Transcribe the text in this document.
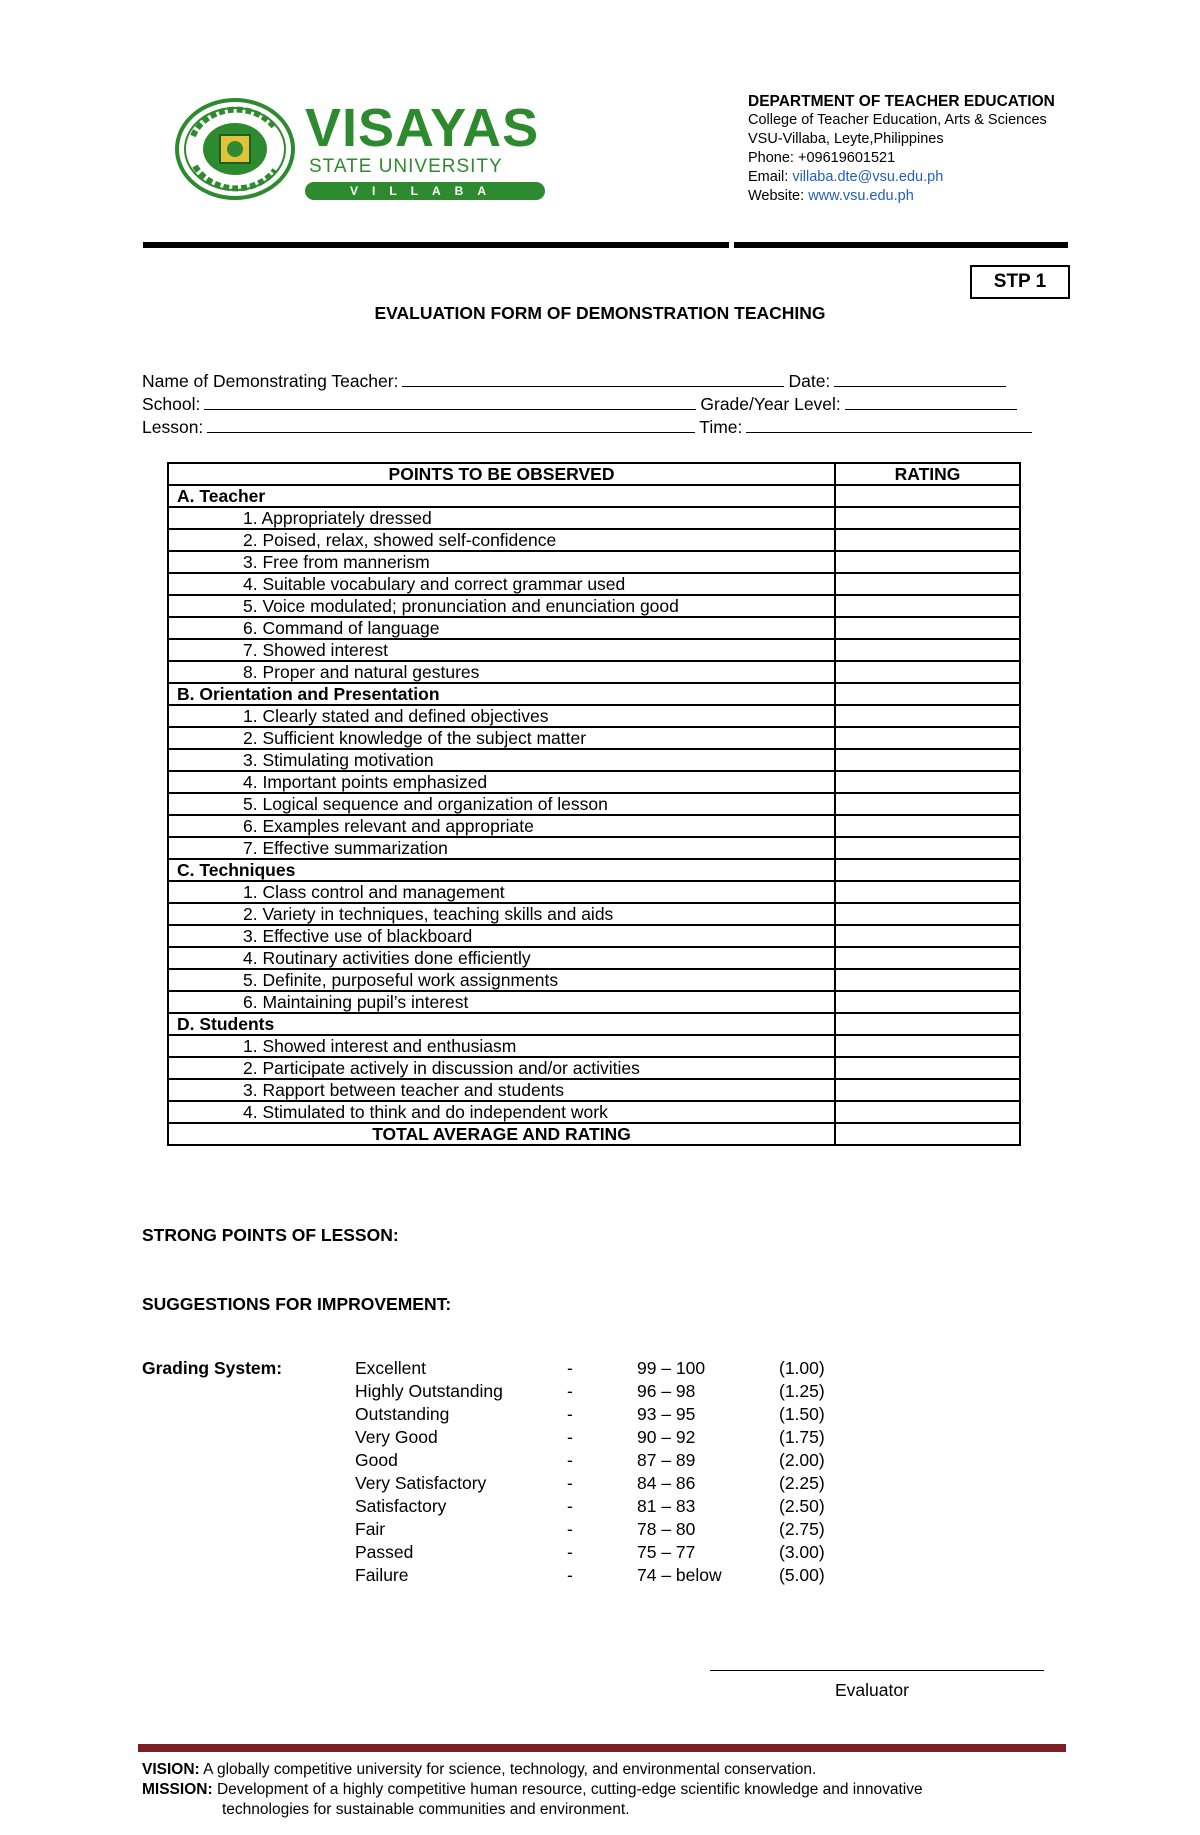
VISAYAS
STATE UNIVERSITY
VILLABA
DEPARTMENT OF TEACHER EDUCATION
College of Teacher Education, Arts & Sciences
VSU-Villaba, Leyte,Philippines
Phone: +09619601521
Email: villaba.dte@vsu.edu.ph
Website: www.vsu.edu.ph
STP 1
EVALUATION FORM OF DEMONSTRATION TEACHING
Name of Demonstrating Teacher:	Date:
School:	Grade/Year Level:
Lesson:	Time:
POINTS TO BE OBSERVED	RATING
A. Teacher	
1. Appropriately dressed	
2. Poised, relax, showed self-confidence	
3. Free from mannerism	
4. Suitable vocabulary and correct grammar used	
5. Voice modulated; pronunciation and enunciation good	
6. Command of language	
7. Showed interest	
8. Proper and natural gestures	
B. Orientation and Presentation	
1. Clearly stated and defined objectives	
2. Sufficient knowledge of the subject matter	
3. Stimulating motivation	
4. Important points emphasized	
5. Logical sequence and organization of lesson	
6. Examples relevant and appropriate	
7. Effective summarization	
C. Techniques	
1. Class control and management	
2. Variety in techniques, teaching skills and aids	
3. Effective use of blackboard	
4. Routinary activities done efficiently	
5. Definite, purposeful work assignments	
6. Maintaining pupil’s interest	
D. Students	
1. Showed interest and enthusiasm	
2. Participate actively in discussion and/or activities	
3. Rapport between teacher and students	
4. Stimulated to think and do independent work	
TOTAL AVERAGE AND RATING	
STRONG POINTS OF LESSON:
SUGGESTIONS FOR IMPROVEMENT:
Grading System:	Excellent	-	99 – 100	(1.00)
Highly Outstanding	-	96 – 98	(1.25)
Outstanding	-	93 – 95	(1.50)
Very Good	-	90 – 92	(1.75)
Good	-	87 – 89	(2.00)
Very Satisfactory	-	84 – 86	(2.25)
Satisfactory	-	81 – 83	(2.50)
Fair	-	78 – 80	(2.75)
Passed	-	75 – 77	(3.00)
Failure	-	74 – below	(5.00)
Evaluator
VISION: A globally competitive university for science, technology, and environmental conservation.
MISSION: Development of a highly competitive human resource, cutting-edge scientific knowledge and innovative
technologies for sustainable communities and environment.
